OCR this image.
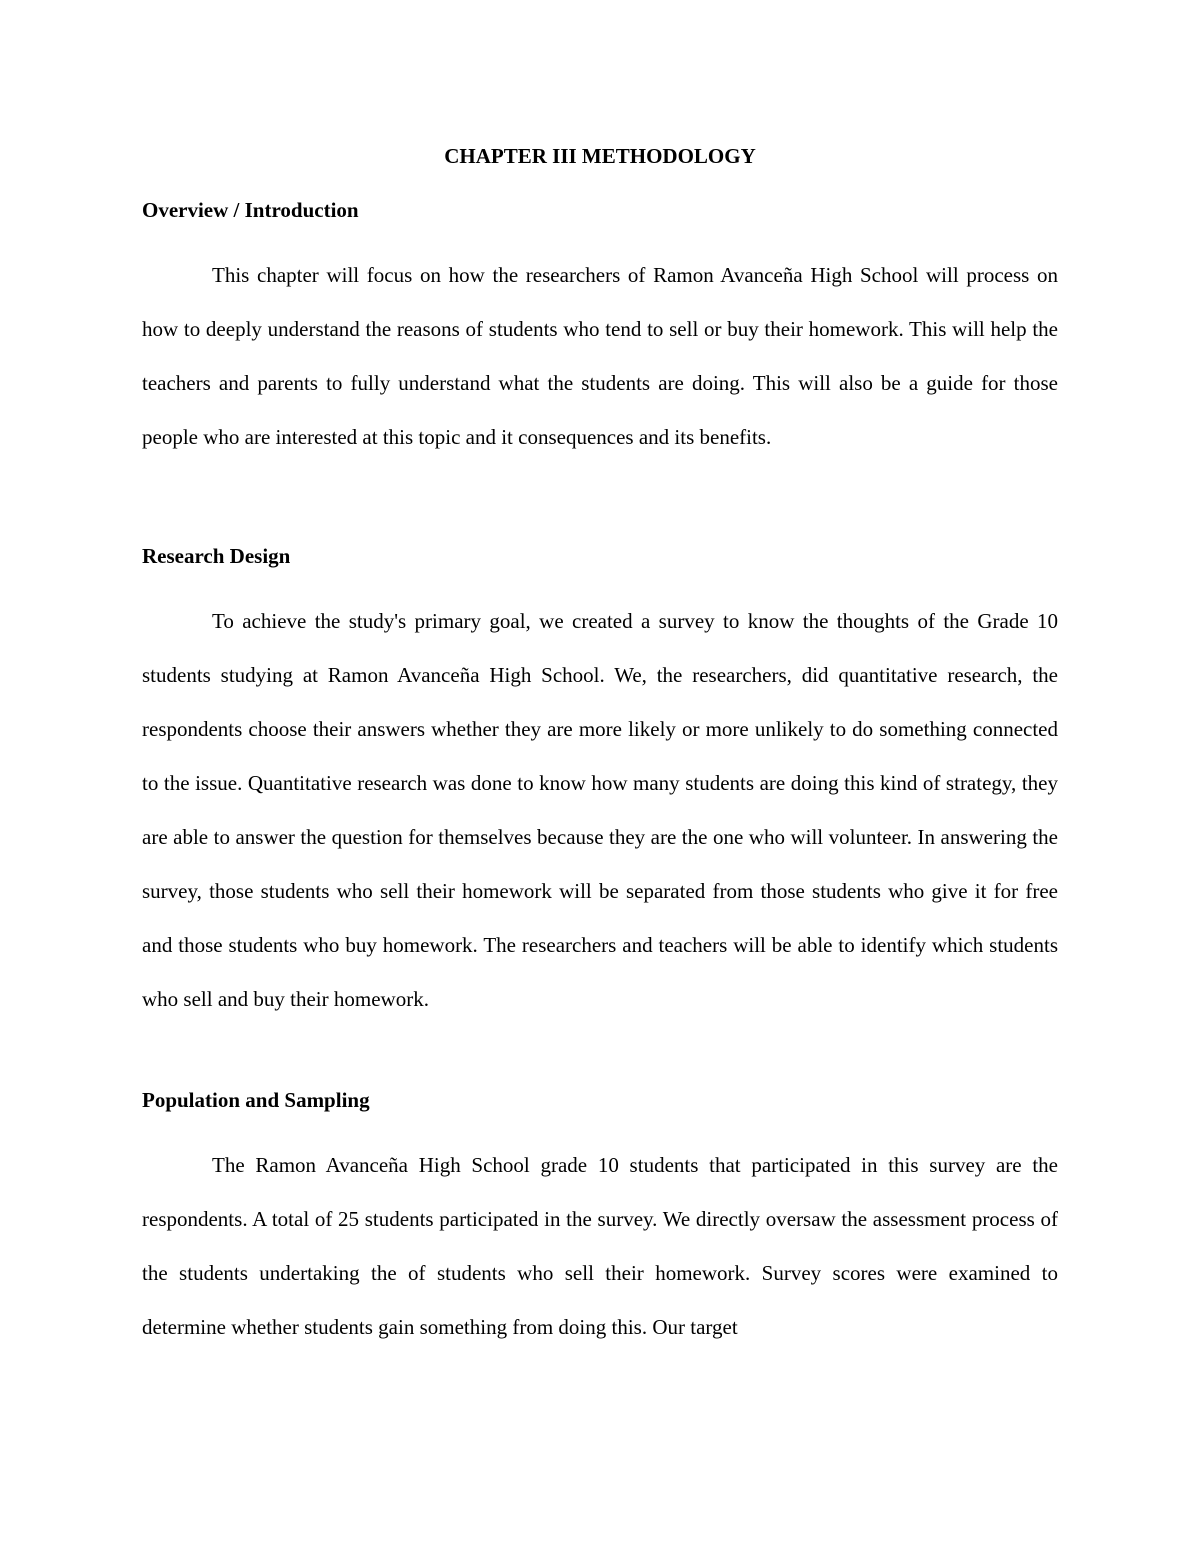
CHAPTER III METHODOLOGY
Overview / Introduction

This chapter will focus on how the researchers of Ramon Avanceña High School will process on how to deeply understand the reasons of students who tend to sell or buy their homework. This will help the teachers and parents to fully understand what the students are doing. This will also be a guide for those people who are interested at this topic and it consequences and its benefits.

Research Design

To achieve the study's primary goal, we created a survey to know the thoughts of the Grade 10 students studying at Ramon Avanceña High School. We, the researchers, did quantitative research, the respondents choose their answers whether they are more likely or more unlikely to do something connected to the issue. Quantitative research was done to know how many students are doing this kind of strategy, they are able to answer the question for themselves because they are the one who will volunteer. In answering the survey, those students who sell their homework will be separated from those students who give it for free and those students who buy homework. The researchers and teachers will be able to identify which students who sell and buy their homework.

Population and Sampling

The Ramon Avanceña High School grade 10 students that participated in this survey are the respondents. A total of 25 students participated in the survey. We directly oversaw the assessment process of the students undertaking the of students who sell their homework. Survey scores were examined to determine whether students gain something from doing this. Our target
